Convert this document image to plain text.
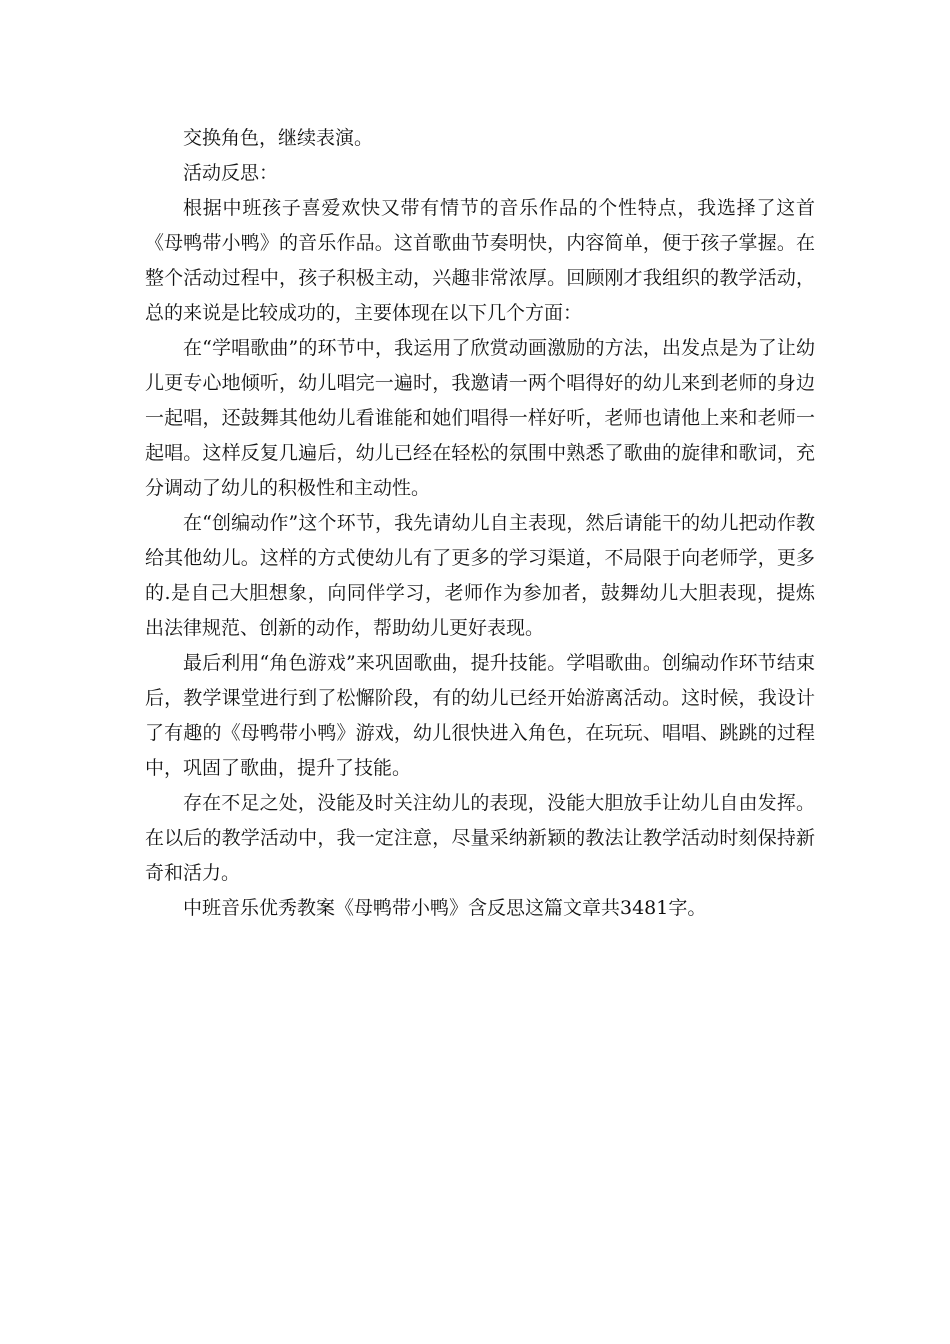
交换角色，继续表演。

活动反思：

根据中班孩子喜爱欢快又带有情节的音乐作品的个性特点，我选择了这首《母鸭带小鸭》的音乐作品。这首歌曲节奏明快，内容简单，便于孩子掌握。在整个活动过程中，孩子积极主动，兴趣非常浓厚。回顾刚才我组织的教学活动，总的来说是比较成功的，主要体现在以下几个方面：

在“学唱歌曲”的环节中，我运用了欣赏动画激励的方法，出发点是为了让幼儿更专心地倾听，幼儿唱完一遍时，我邀请一两个唱得好的幼儿来到老师的身边一起唱，还鼓舞其他幼儿看谁能和她们唱得一样好听，老师也请他上来和老师一起唱。这样反复几遍后，幼儿已经在轻松的氛围中熟悉了歌曲的旋律和歌词，充分调动了幼儿的积极性和主动性。

在“创编动作”这个环节，我先请幼儿自主表现，然后请能干的幼儿把动作教给其他幼儿。这样的方式使幼儿有了更多的学习渠道，不局限于向老师学，更多的.是自己大胆想象，向同伴学习，老师作为参加者，鼓舞幼儿大胆表现，提炼出法律规范、创新的动作，帮助幼儿更好表现。

最后利用“角色游戏”来巩固歌曲，提升技能。学唱歌曲。创编动作环节结束后，教学课堂进行到了松懈阶段，有的幼儿已经开始游离活动。这时候，我设计了有趣的《母鸭带小鸭》游戏，幼儿很快进入角色，在玩玩、唱唱、跳跳的过程中，巩固了歌曲，提升了技能。

存在不足之处，没能及时关注幼儿的表现，没能大胆放手让幼儿自由发挥。在以后的教学活动中，我一定注意，尽量采纳新颖的教法让教学活动时刻保持新奇和活力。

中班音乐优秀教案《母鸭带小鸭》含反思这篇文章共3481字。
